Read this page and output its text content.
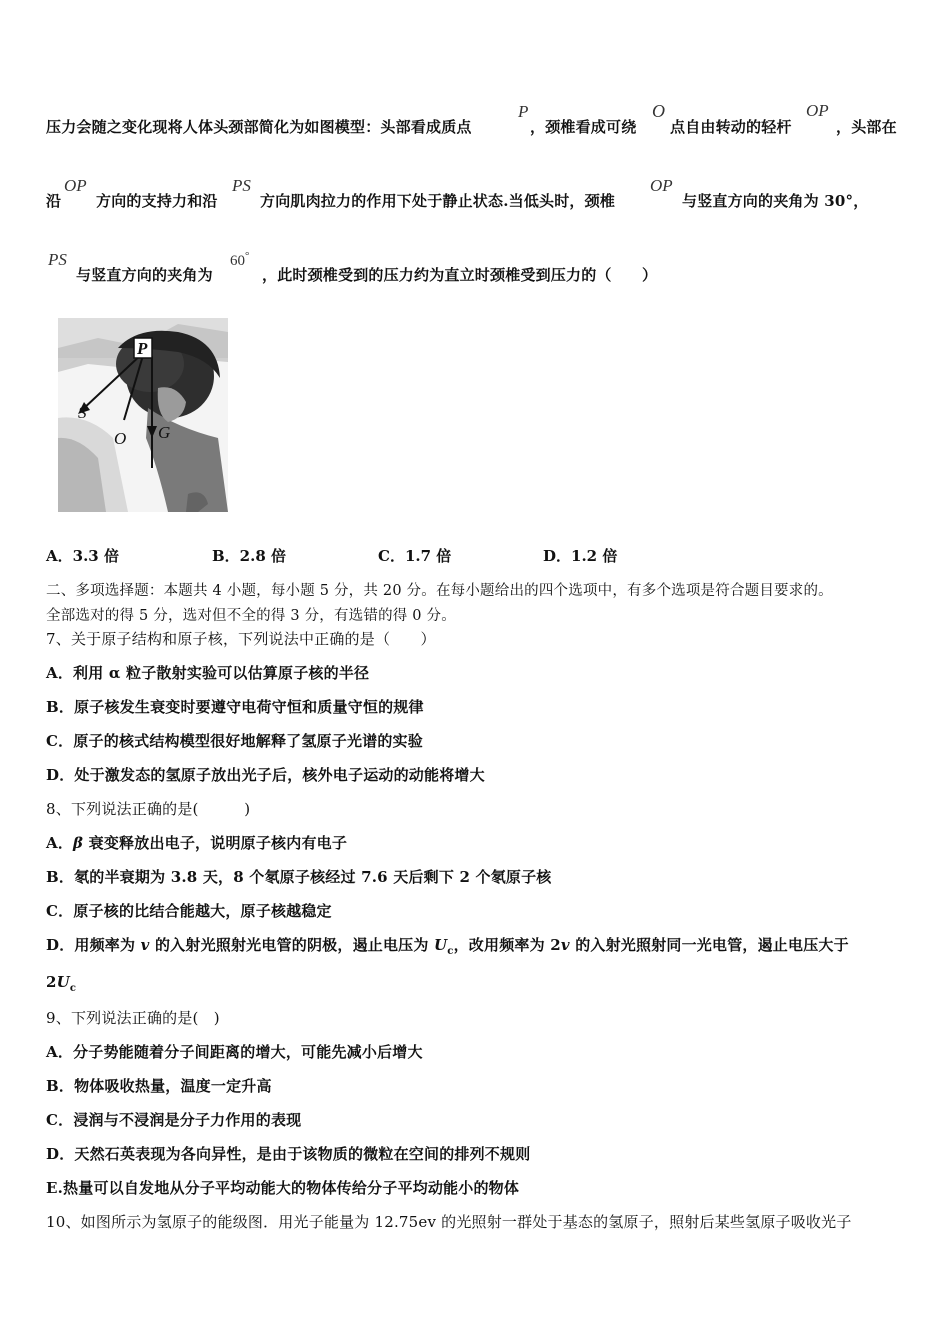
压力会随之变化现将人体头颈部简化为如图模型：头部看成质点
P
，颈椎看成可绕
O
点自由转动的轻杆
OP
，头部在
沿
OP
方向的支持力和沿
PS
方向肌肉拉力的作用下处于静止状态.当低头时，颈椎
OP
与竖直方向的夹角为 30°，
PS
与竖直方向的夹角为
60°
，此时颈椎受到的压力约为直立时颈椎受到压力的（　　）
P
S
O G
A．3.3 倍	B．2.8 倍	C．1.7 倍	D．1.2 倍
二、多项选择题：本题共 4 小题，每小题 5 分，共 20 分。在每小题给出的四个选项中，有多个选项是符合题目要求的。
全部选对的得 5 分，选对但不全的得 3 分，有选错的得 0 分。
7、关于原子结构和原子核，下列说法中正确的是（　　）
A．利用 α 粒子散射实验可以估算原子核的半径
B．原子核发生衰变时要遵守电荷守恒和质量守恒的规律
C．原子的核式结构模型很好地解释了氢原子光谱的实验
D．处于激发态的氢原子放出光子后，核外电子运动的动能将增大
8、下列说法正确的是(　　　)
A．β 衰变释放出电子，说明原子核内有电子
B．氡的半衰期为 3.8 天，8 个氡原子核经过 7.6 天后剩下 2 个氡原子核
C．原子核的比结合能越大，原子核越稳定
D．用频率为 v 的入射光照射光电管的阴极，遏止电压为 $U_c$，改用频率为 2v 的入射光照射同一光电管，遏止电压大于
$2U_c$
9、下列说法正确的是(　)
A．分子势能随着分子间距离的增大，可能先减小后增大
B．物体吸收热量，温度一定升高
C．浸润与不浸润是分子力作用的表现
D．天然石英表现为各向异性，是由于该物质的微粒在空间的排列不规则
E.热量可以自发地从分子平均动能大的物体传给分子平均动能小的物体
10、如图所示为氢原子的能级图．用光子能量为 12.75ev 的光照射一群处于基态的氢原子，照射后某些氢原子吸收光子
